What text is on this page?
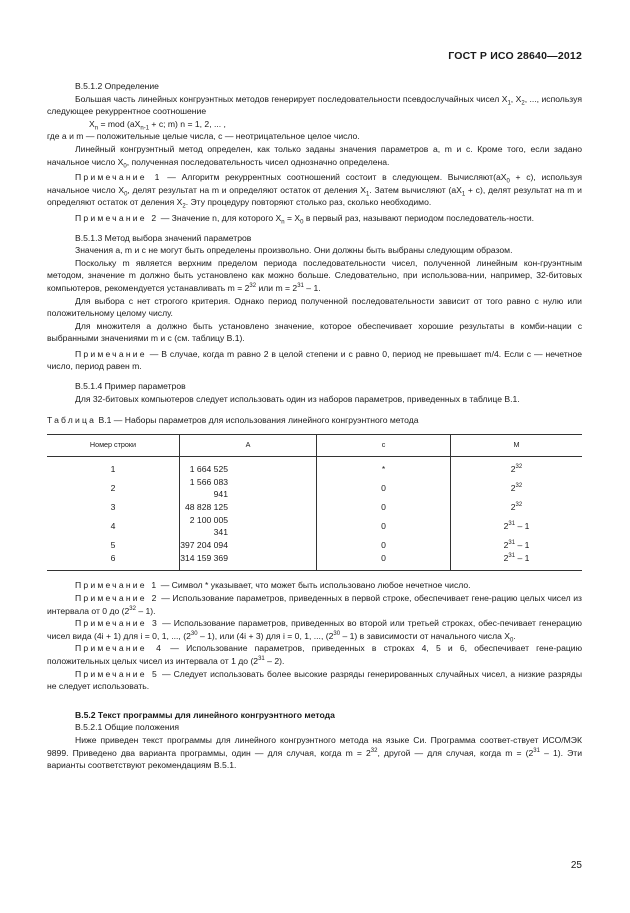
ГОСТ Р ИСО 28640—2012

B.5.1.2 Определение

Большая часть линейных конгруэнтных методов генерирует последовательности псевдослучайных чисел $X_1$, $X_2$, ..., используя следующее рекуррентное соотношение

$X_n$ = mod ($aX_{n-1} + c$; m) n = 1, 2, ... ,

где a и m — положительные целые числа, c — неотрицательное целое число.

Линейный конгруэнтный метод определен, как только заданы значения параметров a, m и c. Кроме того, если задано начальное число $X_0$, полученная последовательность чисел однозначно определена.

Примечание 1 — Алгоритм рекуррентных соотношений состоит в следующем. $Вычисляют(aX_0 + c)$, используя начальное число $X_0$, делят результат на m и определяют остаток от деления $X_1$. Затем вычисляют $(aX_1 + c)$, делят результат на m и определяют остаток от деления $X_2$. Эту процедуру повторяют столько раз, сколько необходимо.

Примечание 2 — Значение n, для которого $X_n = X_0$ в первый раз, называют периодом последователь-ности.

B.5.1.3 Метод выбора значений параметров

Значения a, m и c не могут быть определены произвольно. Они должны быть выбраны следующим образом.

Поскольку m является верхним пределом периода последовательности чисел, полученной линейным кон-груэнтным методом, значение m должно быть установлено как можно больше. Следовательно, при использова-нии, например, 32-битовых компьютеров, рекомендуется устанавливать $m = 2^{32}$ или $m = 2^{31} - 1$.

Для выбора c нет строгого критерия. Однако период полученной последовательности зависит от того равно c нулю или положительному целому числу.

Для множителя a должно быть установлено значение, которое обеспечивает хорошие результаты в комби-нации с выбранными значениями m и c (см. таблицу B.1).

Примечание — В случае, когда m равно 2 в целой степени и c равно 0, период не превышает m/4. Если c — нечетное число, период равен m.

B.5.1.4 Пример параметров

Для 32-битовых компьютеров следует использовать один из наборов параметров, приведенных в таблице B.1.

Таблица B.1 — Наборы параметров для использования линейного конгруэнтного метода

Номер строки	A	c	M
1	1 664 525	*	$2^{32}$
2	1 566 083 941	0	$2^{32}$
3	48 828 125	0	$2^{32}$
4	2 100 005 341	0	$2^{31} - 1$
5	397 204 094	0	$2^{31} - 1$
6	314 159 369	0	$2^{31} - 1$

Примечание 1 — Символ * указывает, что может быть использовано любое нечетное число.

Примечание 2 — Использование параметров, приведенных в первой строке, обеспечивает гене-рацию целых чисел из интервала от 0 до $(2^{32} - 1)$.

Примечание 3 — Использование параметров, приведенных во второй или третьей строках, обес-печивает генерацию чисел вида (4i + 1) для i = 0, 1, ..., $(2^{30} - 1)$, или (4i + 3) для i = 0, 1, ..., $(2^{30} - 1)$ в зависимости от начального числа $X_0$.

Примечание 4 — Использование параметров, приведенных в строках 4, 5 и 6, обеспечивает гене-рацию положительных целых чисел из интервала от 1 до $(2^{31} - 2)$.

Примечание 5 — Следует использовать более высокие разряды генерированных случайных чисел, а низкие разряды не следует использовать.

B.5.2 Текст программы для линейного конгруэнтного метода

B.5.2.1 Общие положения

Ниже приведен текст программы для линейного конгруэнтного метода на языке Си. Программа соответ-ствует ИСО/МЭК 9899. Приведено два варианта программы, один — для случая, когда $m = 2^{32}$, другой — для случая, когда $m = (2^{31} - 1)$. Эти варианты соответствуют рекомендациям B.5.1.

25
